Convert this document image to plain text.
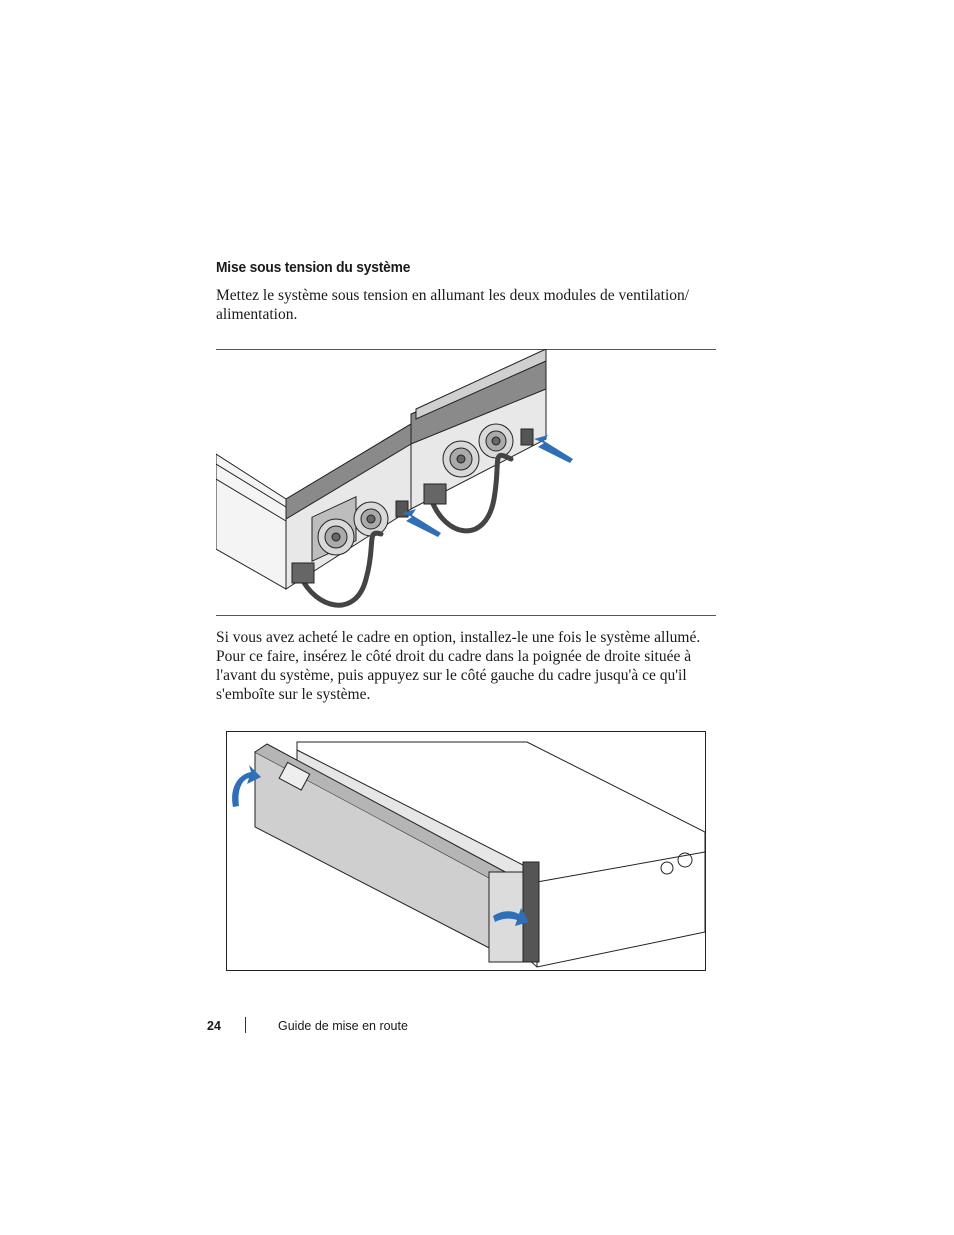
Mise sous tension du système

Mettez le système sous tension en allumant les deux modules de ventilation/ alimentation.

Si vous avez acheté le cadre en option, installez-le une fois le système allumé. Pour ce faire, insérez le côté droit du cadre dans la poignée de droite située à l'avant du système, puis appuyez sur le côté gauche du cadre jusqu'à ce qu'il s'emboîte sur le système.

24	Guide de mise en route
